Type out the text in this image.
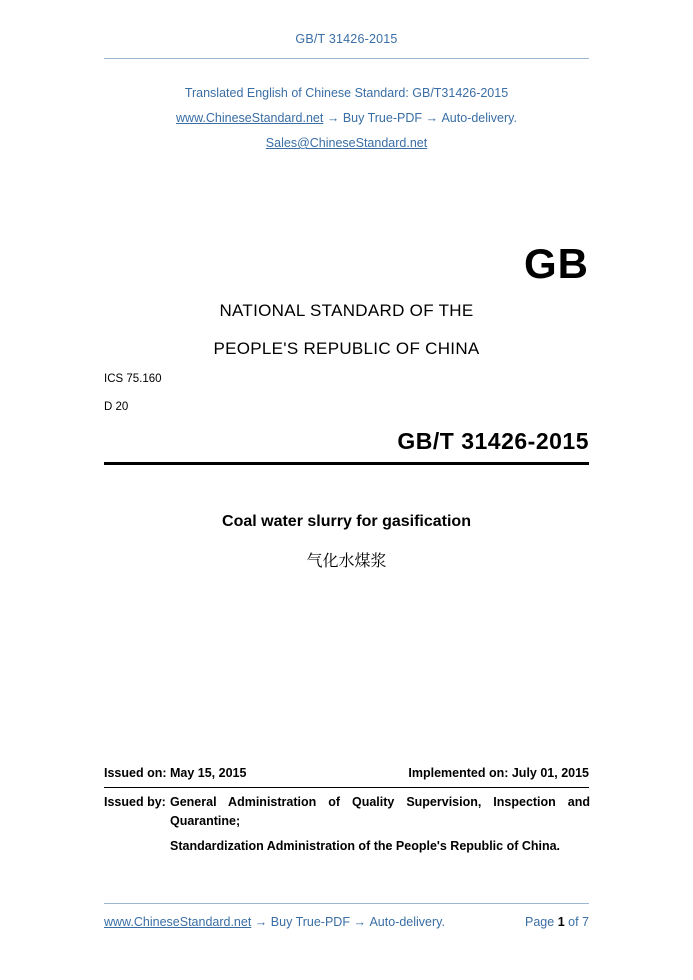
GB/T 31426-2015
Translated English of Chinese Standard: GB/T31426-2015
www.ChineseStandard.net → Buy True-PDF → Auto-delivery.
Sales@ChineseStandard.net
GB
NATIONAL STANDARD OF THE
PEOPLE'S REPUBLIC OF CHINA
ICS 75.160
D 20
GB/T 31426-2015
Coal water slurry for gasification
气化水煤浆
Issued on: May 15, 2015	Implemented on: July 01, 2015
Issued by: General Administration of Quality Supervision, Inspection and Quarantine;
Standardization Administration of the People's Republic of China.
www.ChineseStandard.net → Buy True-PDF → Auto-delivery.	Page 1 of 7
